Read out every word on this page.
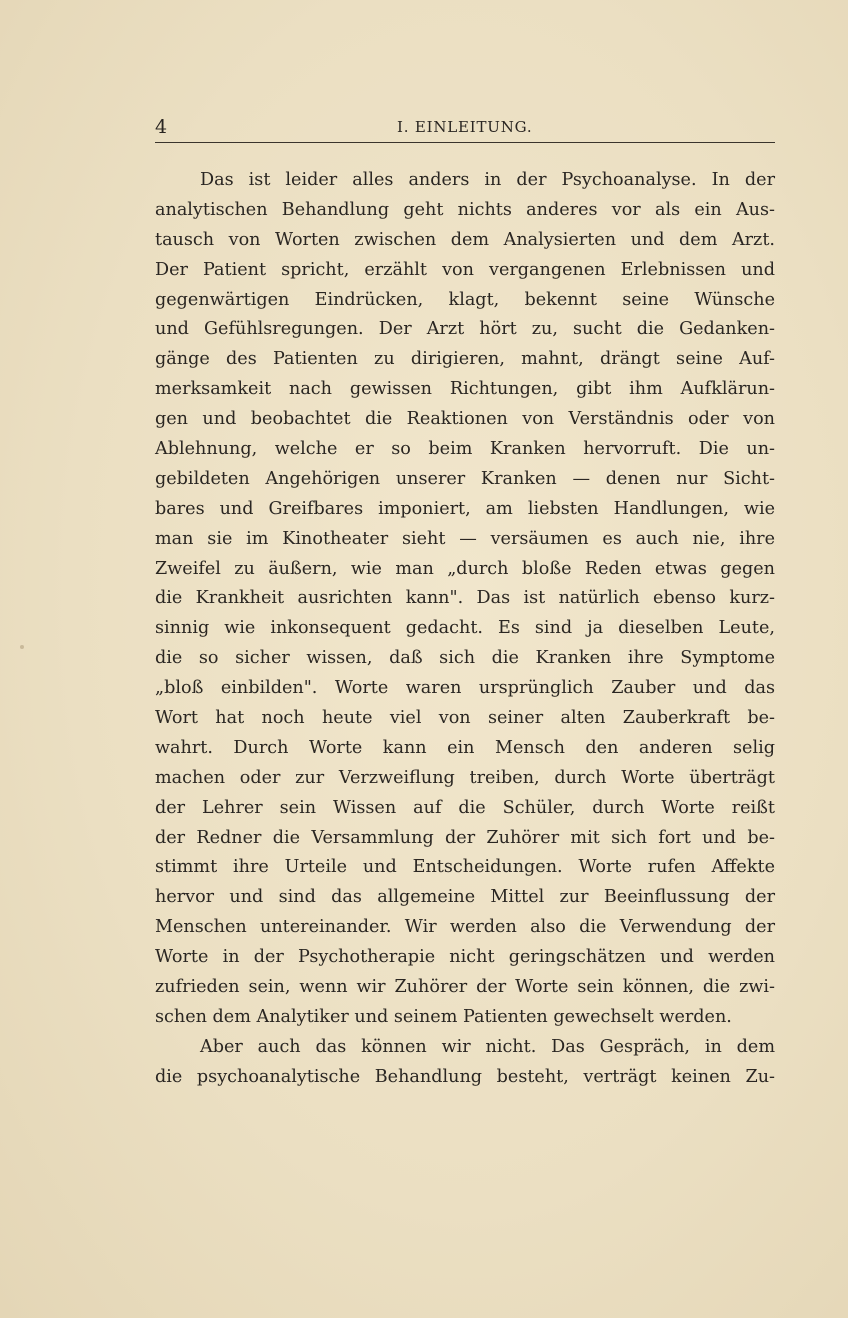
4	I. EINLEITUNG.
Das ist leider alles anders in der Psychoanalyse. In der
analytischen Behandlung geht nichts anderes vor als ein Aus-
tausch von Worten zwischen dem Analysierten und dem Arzt.
Der Patient spricht, erzählt von vergangenen Erlebnissen und
gegenwärtigen Eindrücken, klagt, bekennt seine Wünsche
und Gefühlsregungen. Der Arzt hört zu, sucht die Gedanken-
gänge des Patienten zu dirigieren, mahnt, drängt seine Auf-
merksamkeit nach gewissen Richtungen, gibt ihm Aufklärun-
gen und beobachtet die Reaktionen von Verständnis oder von
Ablehnung, welche er so beim Kranken hervorruft. Die un-
gebildeten Angehörigen unserer Kranken — denen nur Sicht-
bares und Greifbares imponiert, am liebsten Handlungen, wie
man sie im Kinotheater sieht — versäumen es auch nie, ihre
Zweifel zu äußern, wie man „durch bloße Reden etwas gegen
die Krankheit ausrichten kann". Das ist natürlich ebenso kurz-
sinnig wie inkonsequent gedacht. Es sind ja dieselben Leute,
die so sicher wissen, daß sich die Kranken ihre Symptome
„bloß einbilden". Worte waren ursprünglich Zauber und das
Wort hat noch heute viel von seiner alten Zauberkraft be-
wahrt. Durch Worte kann ein Mensch den anderen selig
machen oder zur Verzweiflung treiben, durch Worte überträgt
der Lehrer sein Wissen auf die Schüler, durch Worte reißt
der Redner die Versammlung der Zuhörer mit sich fort und be-
stimmt ihre Urteile und Entscheidungen. Worte rufen Affekte
hervor und sind das allgemeine Mittel zur Beeinflussung der
Menschen untereinander. Wir werden also die Verwendung der
Worte in der Psychotherapie nicht geringschätzen und werden
zufrieden sein, wenn wir Zuhörer der Worte sein können, die zwi-
schen dem Analytiker und seinem Patienten gewechselt werden.
Aber auch das können wir nicht. Das Gespräch, in dem
die psychoanalytische Behandlung besteht, verträgt keinen Zu-
